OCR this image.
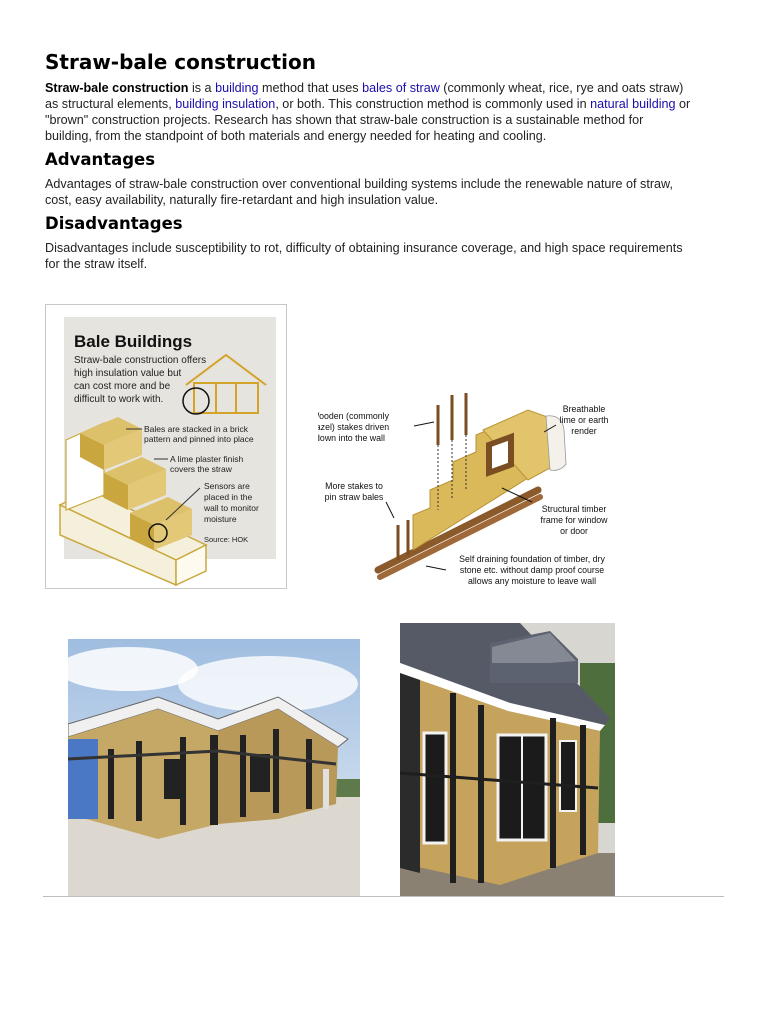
Straw-bale construction

Straw-bale construction is a building method that uses bales of straw (commonly wheat, rice, rye and oats straw)
as structural elements, building insulation, or both. This construction method is commonly used in natural building or
"brown" construction projects. Research has shown that straw-bale construction is a sustainable method for
building, from the standpoint of both materials and energy needed for heating and cooling.

Advantages

Advantages of straw-bale construction over conventional building systems include the renewable nature of straw,
cost, easy availability, naturally fire-retardant and high insulation value.

Disadvantages

Disadvantages include susceptibility to rot, difficulty of obtaining insurance coverage, and high space requirements
for the straw itself.

Bale Buildings
Straw-bale construction offers
high insulation value but
can cost more and be
difficult to work with.
Bales are stacked in a brick
pattern and pinned into place
A lime plaster finish
covers the straw
Sensors are
placed in the
wall to monitor
moisture
Source: HOK
Wooden (commonly
hazel) stakes driven
down into the wall
Breathable
lime or earth
render
More stakes to
pin straw bales
Structural timber
frame for window
or door
Self draining foundation of timber, dry
stone etc. without damp proof course
allows any moisture to leave wall
